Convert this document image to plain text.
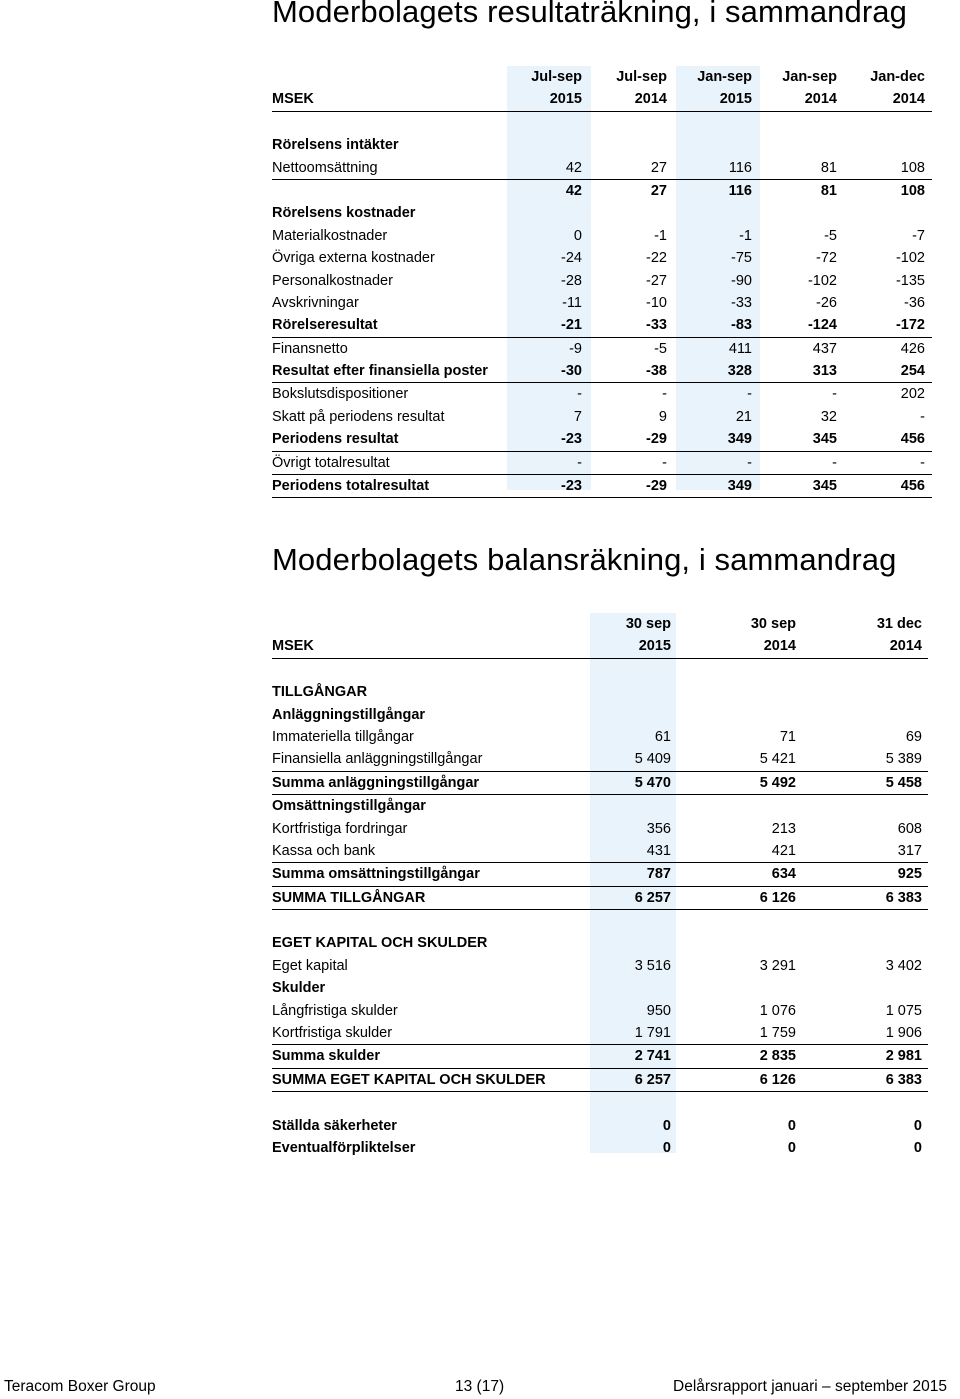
Moderbolagets resultaträkning, i sammandrag
Jul-sep	Jul-sep	Jan-sep	Jan-sep	Jan-dec
MSEK	2015	2014	2015	2014	2014
Rörelsens intäkter
Nettoomsättning	42	27	116	81	108
42	27	116	81	108
Rörelsens kostnader
Materialkostnader	0	-1	-1	-5	-7
Övriga externa kostnader	-24	-22	-75	-72	-102
Personalkostnader	-28	-27	-90	-102	-135
Avskrivningar	-11	-10	-33	-26	-36
Rörelseresultat	-21	-33	-83	-124	-172
Finansnetto	-9	-5	411	437	426
Resultat efter finansiella poster	-30	-38	328	313	254
Bokslutsdispositioner	-	-	-	-	202
Skatt på periodens resultat	7	9	21	32	-
Periodens resultat	-23	-29	349	345	456
Övrigt totalresultat	-	-	-	-	-
Periodens totalresultat	-23	-29	349	345	456
Moderbolagets balansräkning, i sammandrag
30 sep	30 sep	31 dec
MSEK	2015	2014	2014
TILLGÅNGAR
Anläggningstillgångar
Immateriella tillgångar	61	71	69
Finansiella anläggningstillgångar	5 409	5 421	5 389
Summa anläggningstillgångar	5 470	5 492	5 458
Omsättningstillgångar
Kortfristiga fordringar	356	213	608
Kassa och bank	431	421	317
Summa omsättningstillgångar	787	634	925
SUMMA TILLGÅNGAR	6 257	6 126	6 383
EGET KAPITAL OCH SKULDER
Eget kapital	3 516	3 291	3 402
Skulder
Långfristiga skulder	950	1 076	1 075
Kortfristiga skulder	1 791	1 759	1 906
Summa skulder	2 741	2 835	2 981
SUMMA EGET KAPITAL OCH SKULDER	6 257	6 126	6 383
Ställda säkerheter	0	0	0
Eventualförpliktelser	0	0	0
Teracom Boxer Group	13 (17)	Delårsrapport januari – september 2015
